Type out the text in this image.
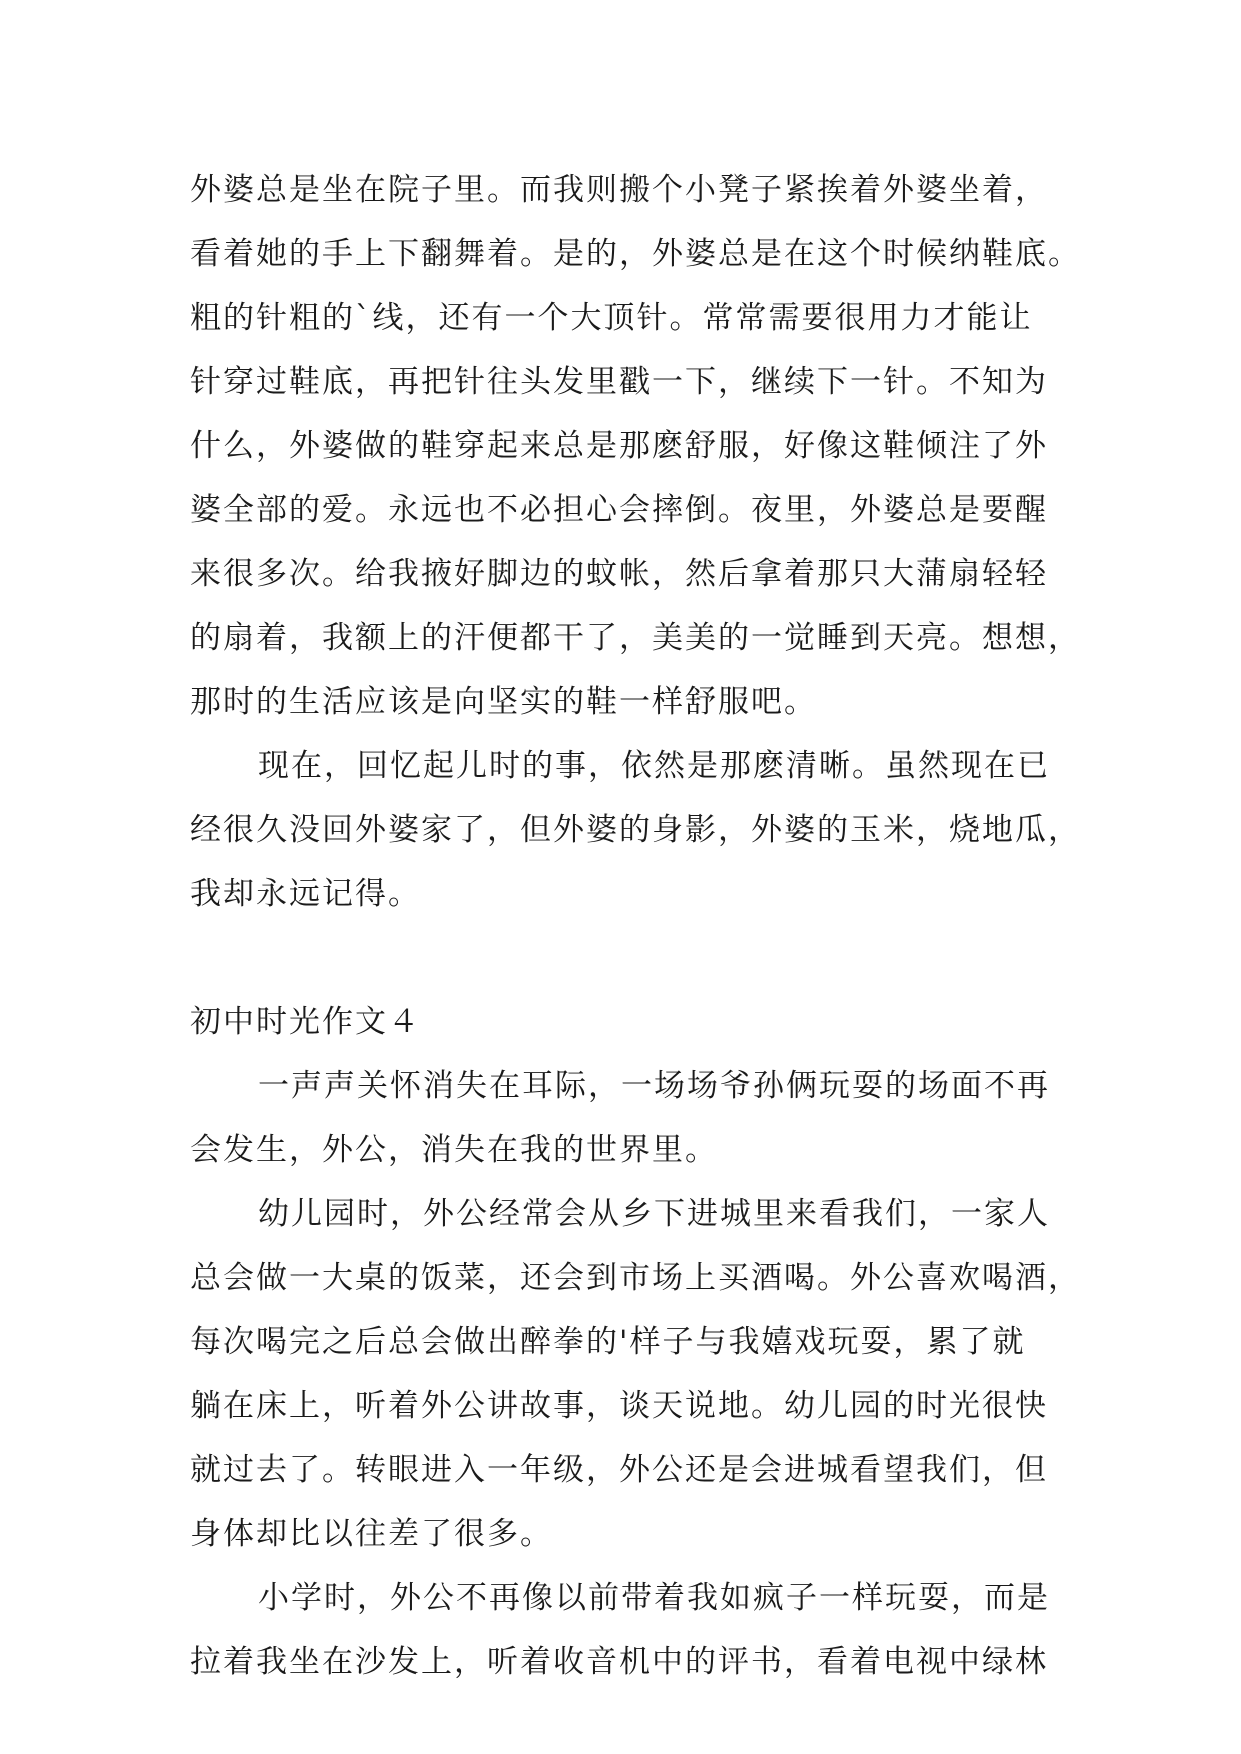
外婆总是坐在院子里。而我则搬个小凳子紧挨着外婆坐着，
看着她的手上下翻舞着。是的，外婆总是在这个时候纳鞋底。
粗的针粗的`线，还有一个大顶针。常常需要很用力才能让
针穿过鞋底，再把针往头发里戳一下，继续下一针。不知为
什么，外婆做的鞋穿起来总是那麽舒服，好像这鞋倾注了外
婆全部的爱。永远也不必担心会摔倒。夜里，外婆总是要醒
来很多次。给我掖好脚边的蚊帐，然后拿着那只大蒲扇轻轻
的扇着，我额上的汗便都干了，美美的一觉睡到天亮。想想，
那时的生活应该是向坚实的鞋一样舒服吧。
现在，回忆起儿时的事，依然是那麽清晰。虽然现在已
经很久没回外婆家了，但外婆的身影，外婆的玉米，烧地瓜，
我却永远记得。
初中时光作文４
一声声关怀消失在耳际，一场场爷孙俩玩耍的场面不再
会发生，外公，消失在我的世界里。
幼儿园时，外公经常会从乡下进城里来看我们，一家人
总会做一大桌的饭菜，还会到市场上买酒喝。外公喜欢喝酒，
每次喝完之后总会做出醉拳的'样子与我嬉戏玩耍，累了就
躺在床上，听着外公讲故事，谈天说地。幼儿园的时光很快
就过去了。转眼进入一年级，外公还是会进城看望我们，但
身体却比以往差了很多。
小学时，外公不再像以前带着我如疯子一样玩耍，而是
拉着我坐在沙发上，听着收音机中的评书，看着电视中绿林
